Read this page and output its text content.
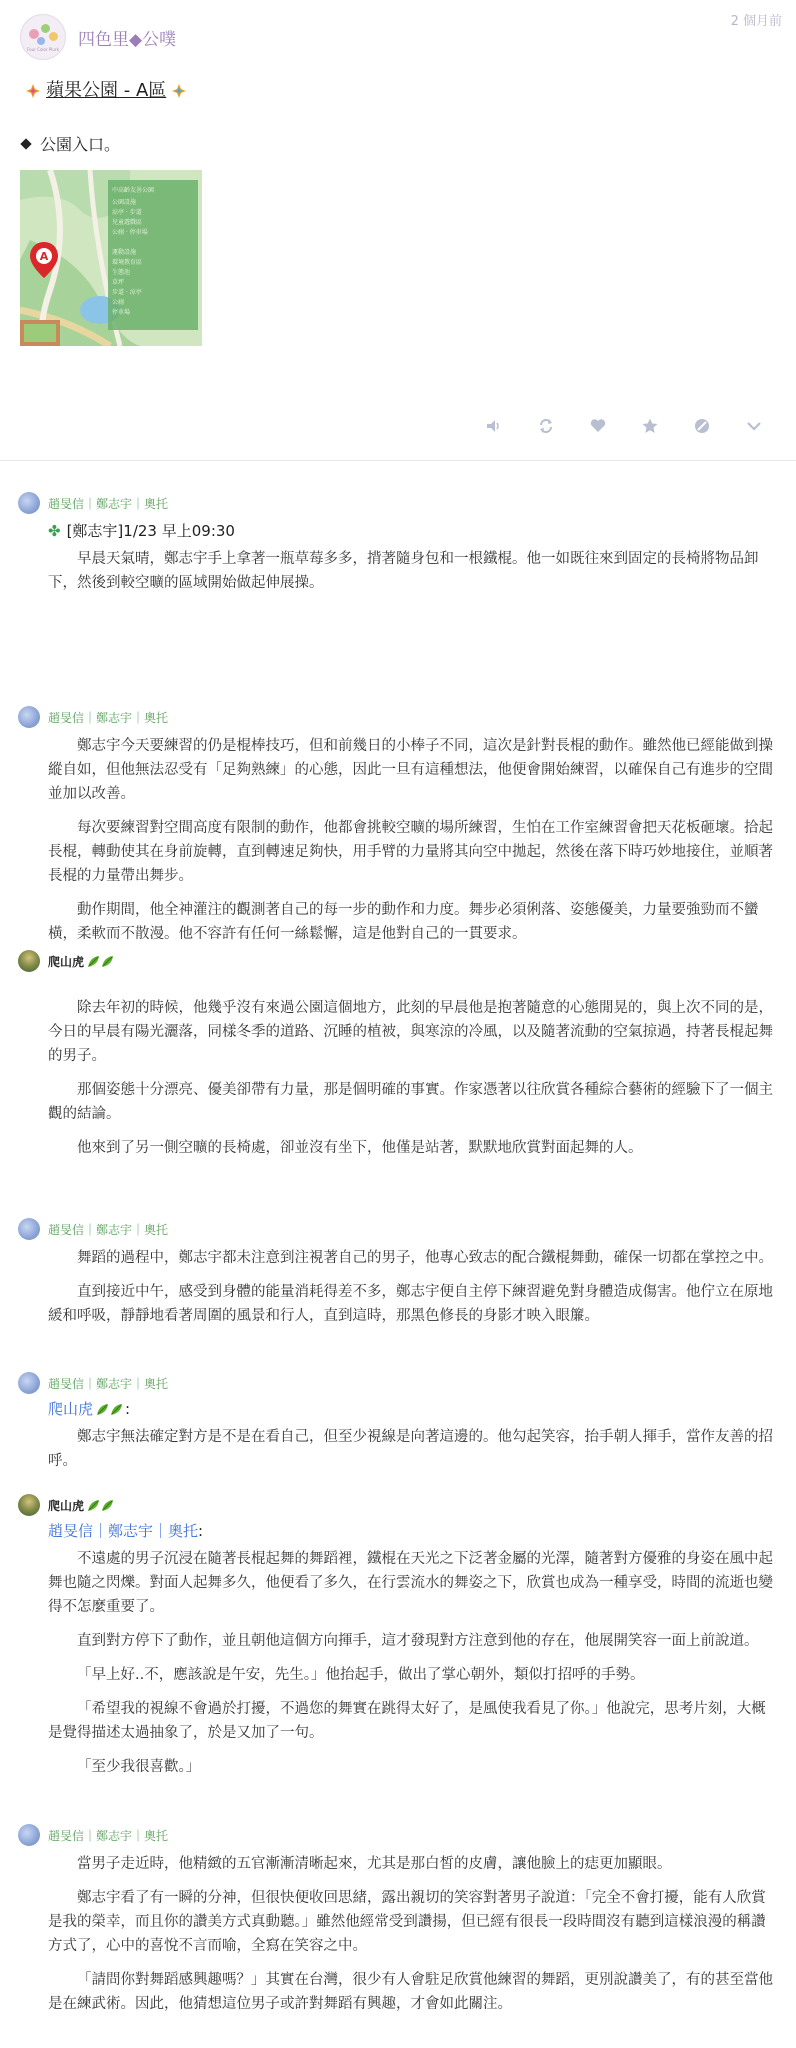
2 個月前
Four Color Plurk 四色里◆公噗
蘋果公園 - A區
公園入口。
中高齡友善公園
公園設施
涼亭 ‧ 步道
兒童遊戲區
公廁 ‧ 停車場
運動設施
環境教育區
生態池
草坪
步道 ‧ 涼亭
公廁
停車場
A
趙旻信｜鄭志宇｜奧托
✤ [鄭志宇]1/23 早上09:30

早晨天氣晴，鄭志宇手上拿著一瓶草莓多多，揹著隨身包和一根鐵棍。他一如既往來到固定的長椅將物品卸下，然後到較空曠的區域開始做起伸展操。

趙旻信｜鄭志宇｜奧托

鄭志宇今天要練習的仍是棍棒技巧，但和前幾日的小棒子不同，這次是針對長棍的動作。雖然他已經能做到操縱自如，但他無法忍受有「足夠熟練」的心態，因此一旦有這種想法，他便會開始練習，以確保自己有進步的空間並加以改善。

每次要練習對空間高度有限制的動作，他都會挑較空曠的場所練習，生怕在工作室練習會把天花板砸壞。拾起長棍，轉動使其在身前旋轉，直到轉速足夠快，用手臂的力量將其向空中拋起，然後在落下時巧妙地接住，並順著長棍的力量帶出舞步。

動作期間，他全神灌注的觀測著自己的每一步的動作和力度。舞步必須俐落、姿態優美，力量要強勁而不蠻橫，柔軟而不散漫。他不容許有任何一絲鬆懈，這是他對自己的一貫要求。

爬山虎

除去年初的時候，他幾乎沒有來過公園這個地方，此刻的早晨他是抱著隨意的心態閒晃的，與上次不同的是，今日的早晨有陽光灑落，同樣冬季的道路、沉睡的植被，與寒涼的冷風，以及隨著流動的空氣掠過，持著長棍起舞的男子。

那個姿態十分漂亮、優美卻帶有力量，那是個明確的事實。作家憑著以往欣賞各種綜合藝術的經驗下了一個主觀的結論。

他來到了另一側空曠的長椅處，卻並沒有坐下，他僅是站著，默默地欣賞對面起舞的人。

趙旻信｜鄭志宇｜奧托

舞蹈的過程中，鄭志宇都未注意到注視著自己的男子，他專心致志的配合鐵棍舞動，確保一切都在掌控之中。

直到接近中午，感受到身體的能量消耗得差不多，鄭志宇便自主停下練習避免對身體造成傷害。他佇立在原地緩和呼吸，靜靜地看著周圍的風景和行人，直到這時，那黑色修長的身影才映入眼簾。

趙旻信｜鄭志宇｜奧托
爬山虎 :

鄭志宇無法確定對方是不是在看自己，但至少視線是向著這邊的。他勾起笑容，抬手朝人揮手，當作友善的招呼。

爬山虎
趙旻信｜鄭志宇｜奧托:

不遠處的男子沉浸在隨著長棍起舞的舞蹈裡，鐵棍在天光之下泛著金屬的光澤，隨著對方優雅的身姿在風中起舞也隨之閃爍。對面人起舞多久，他便看了多久，在行雲流水的舞姿之下，欣賞也成為一種享受，時間的流逝也變得不怎麼重要了。

直到對方停下了動作，並且朝他這個方向揮手，這才發現對方注意到他的存在，他展開笑容一面上前說道。

「早上好..不，應該說是午安，先生。」他抬起手，做出了掌心朝外，類似打招呼的手勢。

「希望我的視線不會過於打擾，不過您的舞實在跳得太好了，是風使我看見了你。」他說完，思考片刻，大概是覺得描述太過抽象了，於是又加了一句。

「至少我很喜歡。」

趙旻信｜鄭志宇｜奧托

當男子走近時，他精緻的五官漸漸清晰起來，尤其是那白皙的皮膚，讓他臉上的痣更加顯眼。

鄭志宇看了有一瞬的分神，但很快便收回思緒，露出親切的笑容對著男子說道：「完全不會打擾，能有人欣賞是我的榮幸，而且你的讚美方式真動聽。」雖然他經常受到讚揚，但已經有很長一段時間沒有聽到這樣浪漫的稱讚方式了，心中的喜悅不言而喻，全寫在笑容之中。

「請問你對舞蹈感興趣嗎？」其實在台灣，很少有人會駐足欣賞他練習的舞蹈，更別說讚美了，有的甚至當他是在練武術。因此，他猜想這位男子或許對舞蹈有興趣，才會如此關注。
